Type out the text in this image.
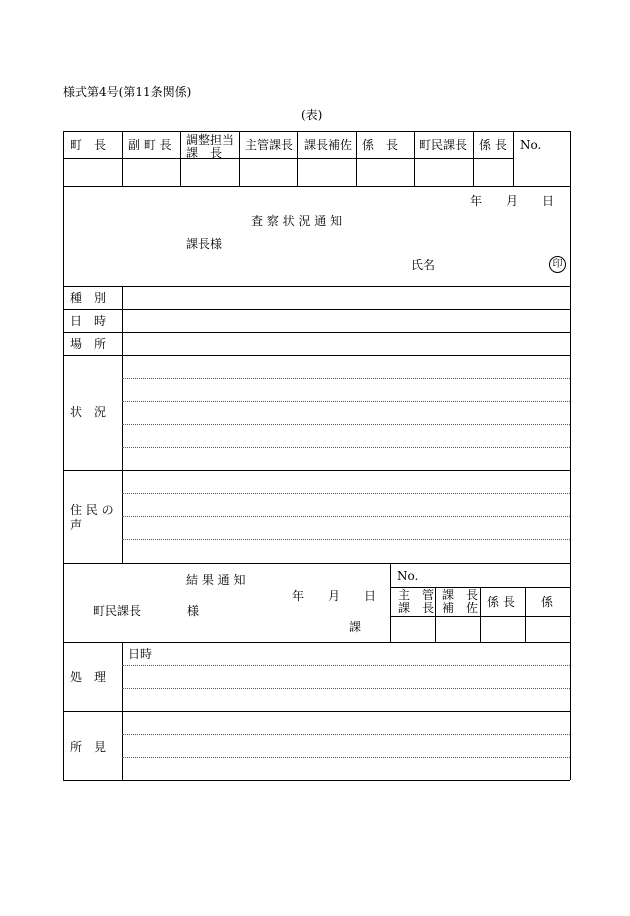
様式第4号(第11条関係)
(表)
町　長 副 町 長 調整担当
課　長
主管課長 課長補佐 係　長 町民課長 係 長 No.
年　　月　　日
査 察 状 況 通 知
課長様
氏名	印
種　別
日　時
場　所
状　況
住 民 の
声
結 果 通 知
年　　月　　日
町民課長	様
課
No.
主　管
課　長
課　長
補　佐 係 長 係
処　理
日時
所　見
